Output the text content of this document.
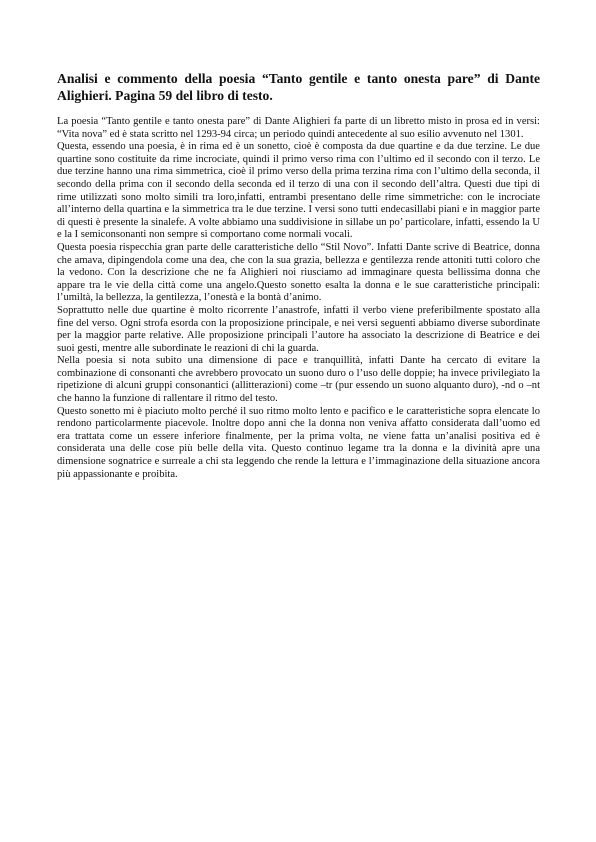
Analisi e commento della poesia “Tanto gentile e tanto onesta pare” di Dante Alighieri. Pagina 59 del libro di testo.

La poesia “Tanto gentile e tanto onesta pare” di Dante Alighieri fa parte di un libretto misto in prosa ed in versi: “Vita nova” ed è stata scritto nel 1293-94 circa; un periodo quindi antecedente al suo esilio avvenuto nel 1301.

Questa, essendo una poesia, è in rima ed è un sonetto, cioè è composta da due quartine e da due terzine. Le due quartine sono costituite da rime incrociate, quindi il primo verso rima con l’ultimo ed il secondo con il terzo. Le due terzine hanno una rima simmetrica, cioè il primo verso della prima terzina rima con l’ultimo della seconda, il secondo della prima con il secondo della seconda ed il terzo di una con il secondo dell’altra. Questi due tipi di rime utilizzati sono molto simili tra loro,infatti, entrambi presentano delle rime simmetriche: con le incrociate all’interno della quartina e la simmetrica tra le due terzine. I versi sono tutti endecasillabi piani e in maggior parte di questi è presente la sinalefe. A volte abbiamo una suddivisione in sillabe un po’ particolare, infatti, essendo la U e la I semiconsonanti non sempre si comportano come normali vocali.

Questa poesia rispecchia gran parte delle caratteristiche dello “Stil Novo”. Infatti Dante scrive di Beatrice, donna che amava, dipingendola come una dea, che con la sua grazia, bellezza e gentilezza rende attoniti tutti coloro che la vedono. Con la descrizione che ne fa Alighieri noi riusciamo ad immaginare questa bellissima donna che appare tra le vie della città come una angelo.Questo sonetto esalta la donna e le sue caratteristiche principali: l’umiltà, la bellezza, la gentilezza, l’onestà e la bontà d’animo.

Soprattutto nelle due quartine è molto ricorrente l’anastrofe, infatti il verbo viene preferibilmente spostato alla fine del verso. Ogni strofa esorda con la proposizione principale, e nei versi seguenti abbiamo diverse subordinate per la maggior parte relative. Alle proposizione principali l’autore ha associato la descrizione di Beatrice e dei suoi gesti, mentre alle subordinate le reazioni di chi la guarda.

Nella poesia si nota subito una dimensione di pace e tranquillità, infatti Dante ha cercato di evitare la combinazione di consonanti che avrebbero provocato un suono duro o l’uso delle doppie; ha invece privilegiato la ripetizione di alcuni gruppi consonantici (allitterazioni) come –tr (pur essendo un suono alquanto duro), -nd o –nt che hanno la funzione di rallentare il ritmo del testo.

Questo sonetto mi è piaciuto molto perché il suo ritmo molto lento e pacifico e le caratteristiche sopra elencate lo rendono particolarmente piacevole. Inoltre dopo anni che la donna non veniva affatto considerata dall’uomo ed era trattata come un essere inferiore finalmente, per la prima volta, ne viene fatta un’analisi positiva ed è considerata una delle cose più belle della vita. Questo continuo legame tra la donna e la divinità apre una dimensione sognatrice e surreale a chi sta leggendo che rende la lettura e l’immaginazione della situazione ancora più appassionante e proibita.
